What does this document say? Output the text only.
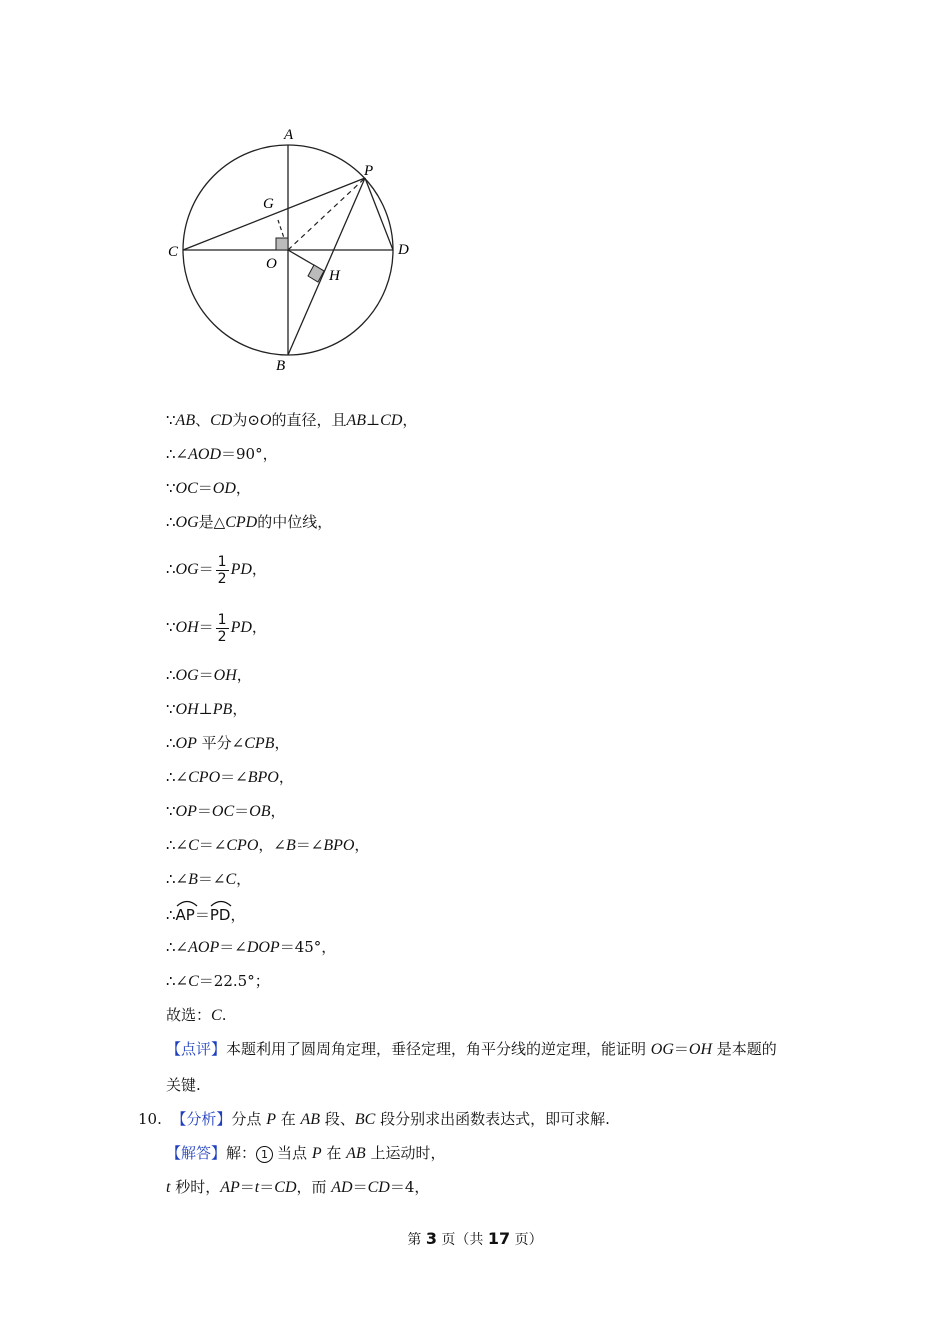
A
P
G
C	D
O
H
B
∵AB、CD为⊙O的直径，且AB⊥CD，
∴∠AOD＝90°，
∵OC＝OD，
∴OG是△CPD的中位线，
∴OG＝ $\frac{1}{2}$ PD，
∵OH＝ $\frac{1}{2}$ PD，
∴OG＝OH，
∵OH⊥PB，
∴OP 平分∠CPB，
∴∠CPO＝∠BPO，
∵OP＝OC＝OB，
∴∠C＝∠CPO，∠B＝∠BPO，
∴∠B＝∠C，
∴
AP＝
PD，
∴∠AOP＝∠DOP＝45°，
∴∠C＝22.5°；
故选：C.
【点评】本题利用了圆周角定理，垂径定理，角平分线的逆定理，能证明 OG＝OH 是本题的
关键.
10. 【分析】分点 P 在 AB 段、BC 段分别求出函数表达式，即可求解.
【解答】解： 1 当点 P 在 AB 上运动时，
t 秒时，AP＝t＝CD，而 AD＝CD＝4，
第 3 页（共 17 页）
